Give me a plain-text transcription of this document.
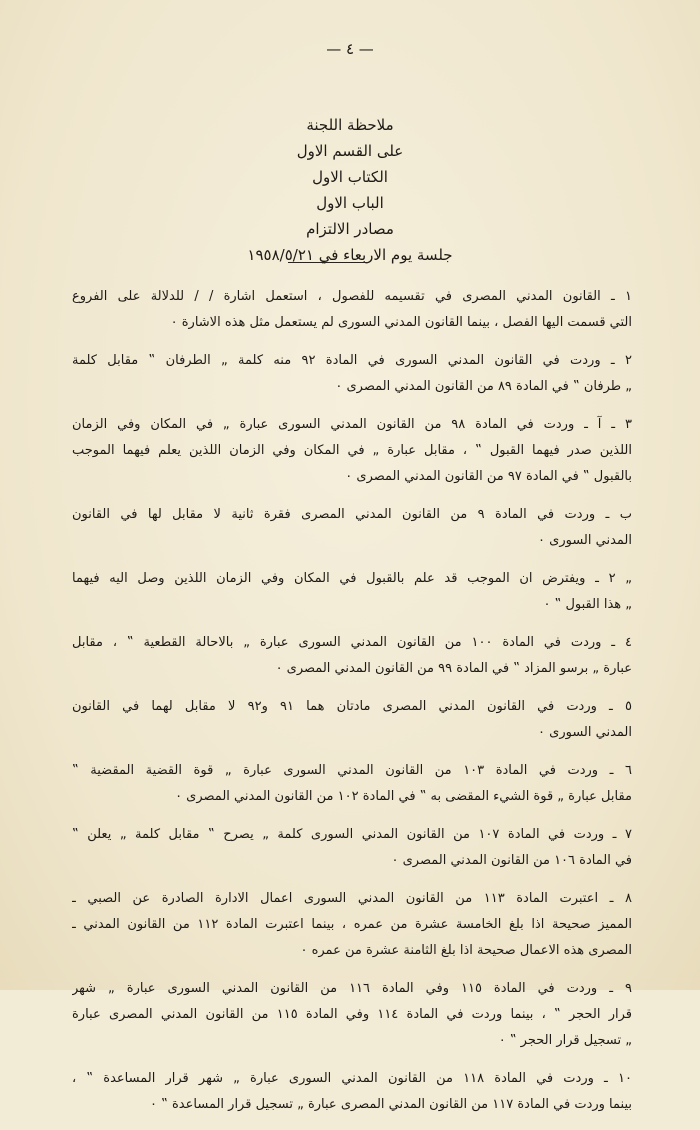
— ٤ —
ملاحظة اللجنة
على القسم الاول
الكتاب الاول
الباب الاول
مصادر الالتزام
جلسة يوم الاربعاء في ١٩٥٨/٥/٢١
١ ـ القانون المدني المصرى في تقسيمه للفصول ، استعمل اشارة / / للدلالة على الفروع
التي قسمت اليها الفصل ، بينما القانون المدني السورى لم يستعمل مثل هذه الاشارة ٠
٢ ـ وردت في القانون المدني السورى في المادة ٩٢ منه كلمة „ الطرفان ‟ مقابل كلمة
„ طرفان ‟ في المادة ٨٩ من القانون المدني المصرى ٠
٣ ـ آ ـ وردت في المادة ٩٨ من القانون المدني السورى عبارة „ في المكان وفي الزمان
اللذين صدر فيهما القبول ‟ ، مقابل عبارة „ في المكان وفي الزمان اللذين يعلم فيهما الموجب
بالقبول ‟ في المادة ٩٧ من القانون المدني المصرى ٠
ب ـ وردت في المادة ٩ من القانون المدني المصرى فقرة ثانية لا مقابل لها في القانون
المدني السورى ٠
„ ٢ ـ ويفترض ان الموجب قد علم بالقبول في المكان وفي الزمان اللذين وصل اليه فيهما
„ هذا القبول ‟ ٠
٤ ـ وردت في المادة ١٠٠ من القانون المدني السورى عبارة „ بالاحالة القطعية ‟ ، مقابل
عبارة „ برسو المزاد ‟ في المادة ٩٩ من القانون المدني المصرى ٠
٥ ـ وردت في القانون المدني المصرى مادتان هما ٩١ و٩٢ لا مقابل لهما في القانون
المدني السورى ٠
٦ ـ وردت في المادة ١٠٣ من القانون المدني السورى عبارة „ قوة القضية المقضية ‟
مقابل عبارة „ قوة الشيء المقضى به ‟ في المادة ١٠٢ من القانون المدني المصرى ٠
٧ ـ وردت في المادة ١٠٧ من القانون المدني السورى كلمة „ يصرح ‟ مقابل كلمة „ يعلن ‟
في المادة ١٠٦ من القانون المدني المصرى ٠
٨ ـ اعتبرت المادة ١١٣ من القانون المدني السورى اعمال الادارة الصادرة عن الصبي ـ
المميز صحيحة اذا بلغ الخامسة عشرة من عمره ، بينما اعتبرت المادة ١١٢ من القانون المدني ـ
المصرى هذه الاعمال صحيحة اذا بلغ الثامنة عشرة من عمره ٠
٩ ـ وردت في المادة ١١٥ وفي المادة ١١٦ من القانون المدني السورى عبارة „ شهر
قرار الحجر ‟ ، بينما وردت في المادة ١١٤ وفي المادة ١١٥ من القانون المدني المصرى عبارة
„ تسجيل قرار الحجر ‟ ٠
١٠ ـ وردت في المادة ١١٨ من القانون المدني السورى عبارة „ شهر قرار المساعدة ‟ ،
بينما وردت في المادة ١١٧ من القانون المدني المصرى عبارة „ تسجيل قرار المساعدة ‟ ٠
